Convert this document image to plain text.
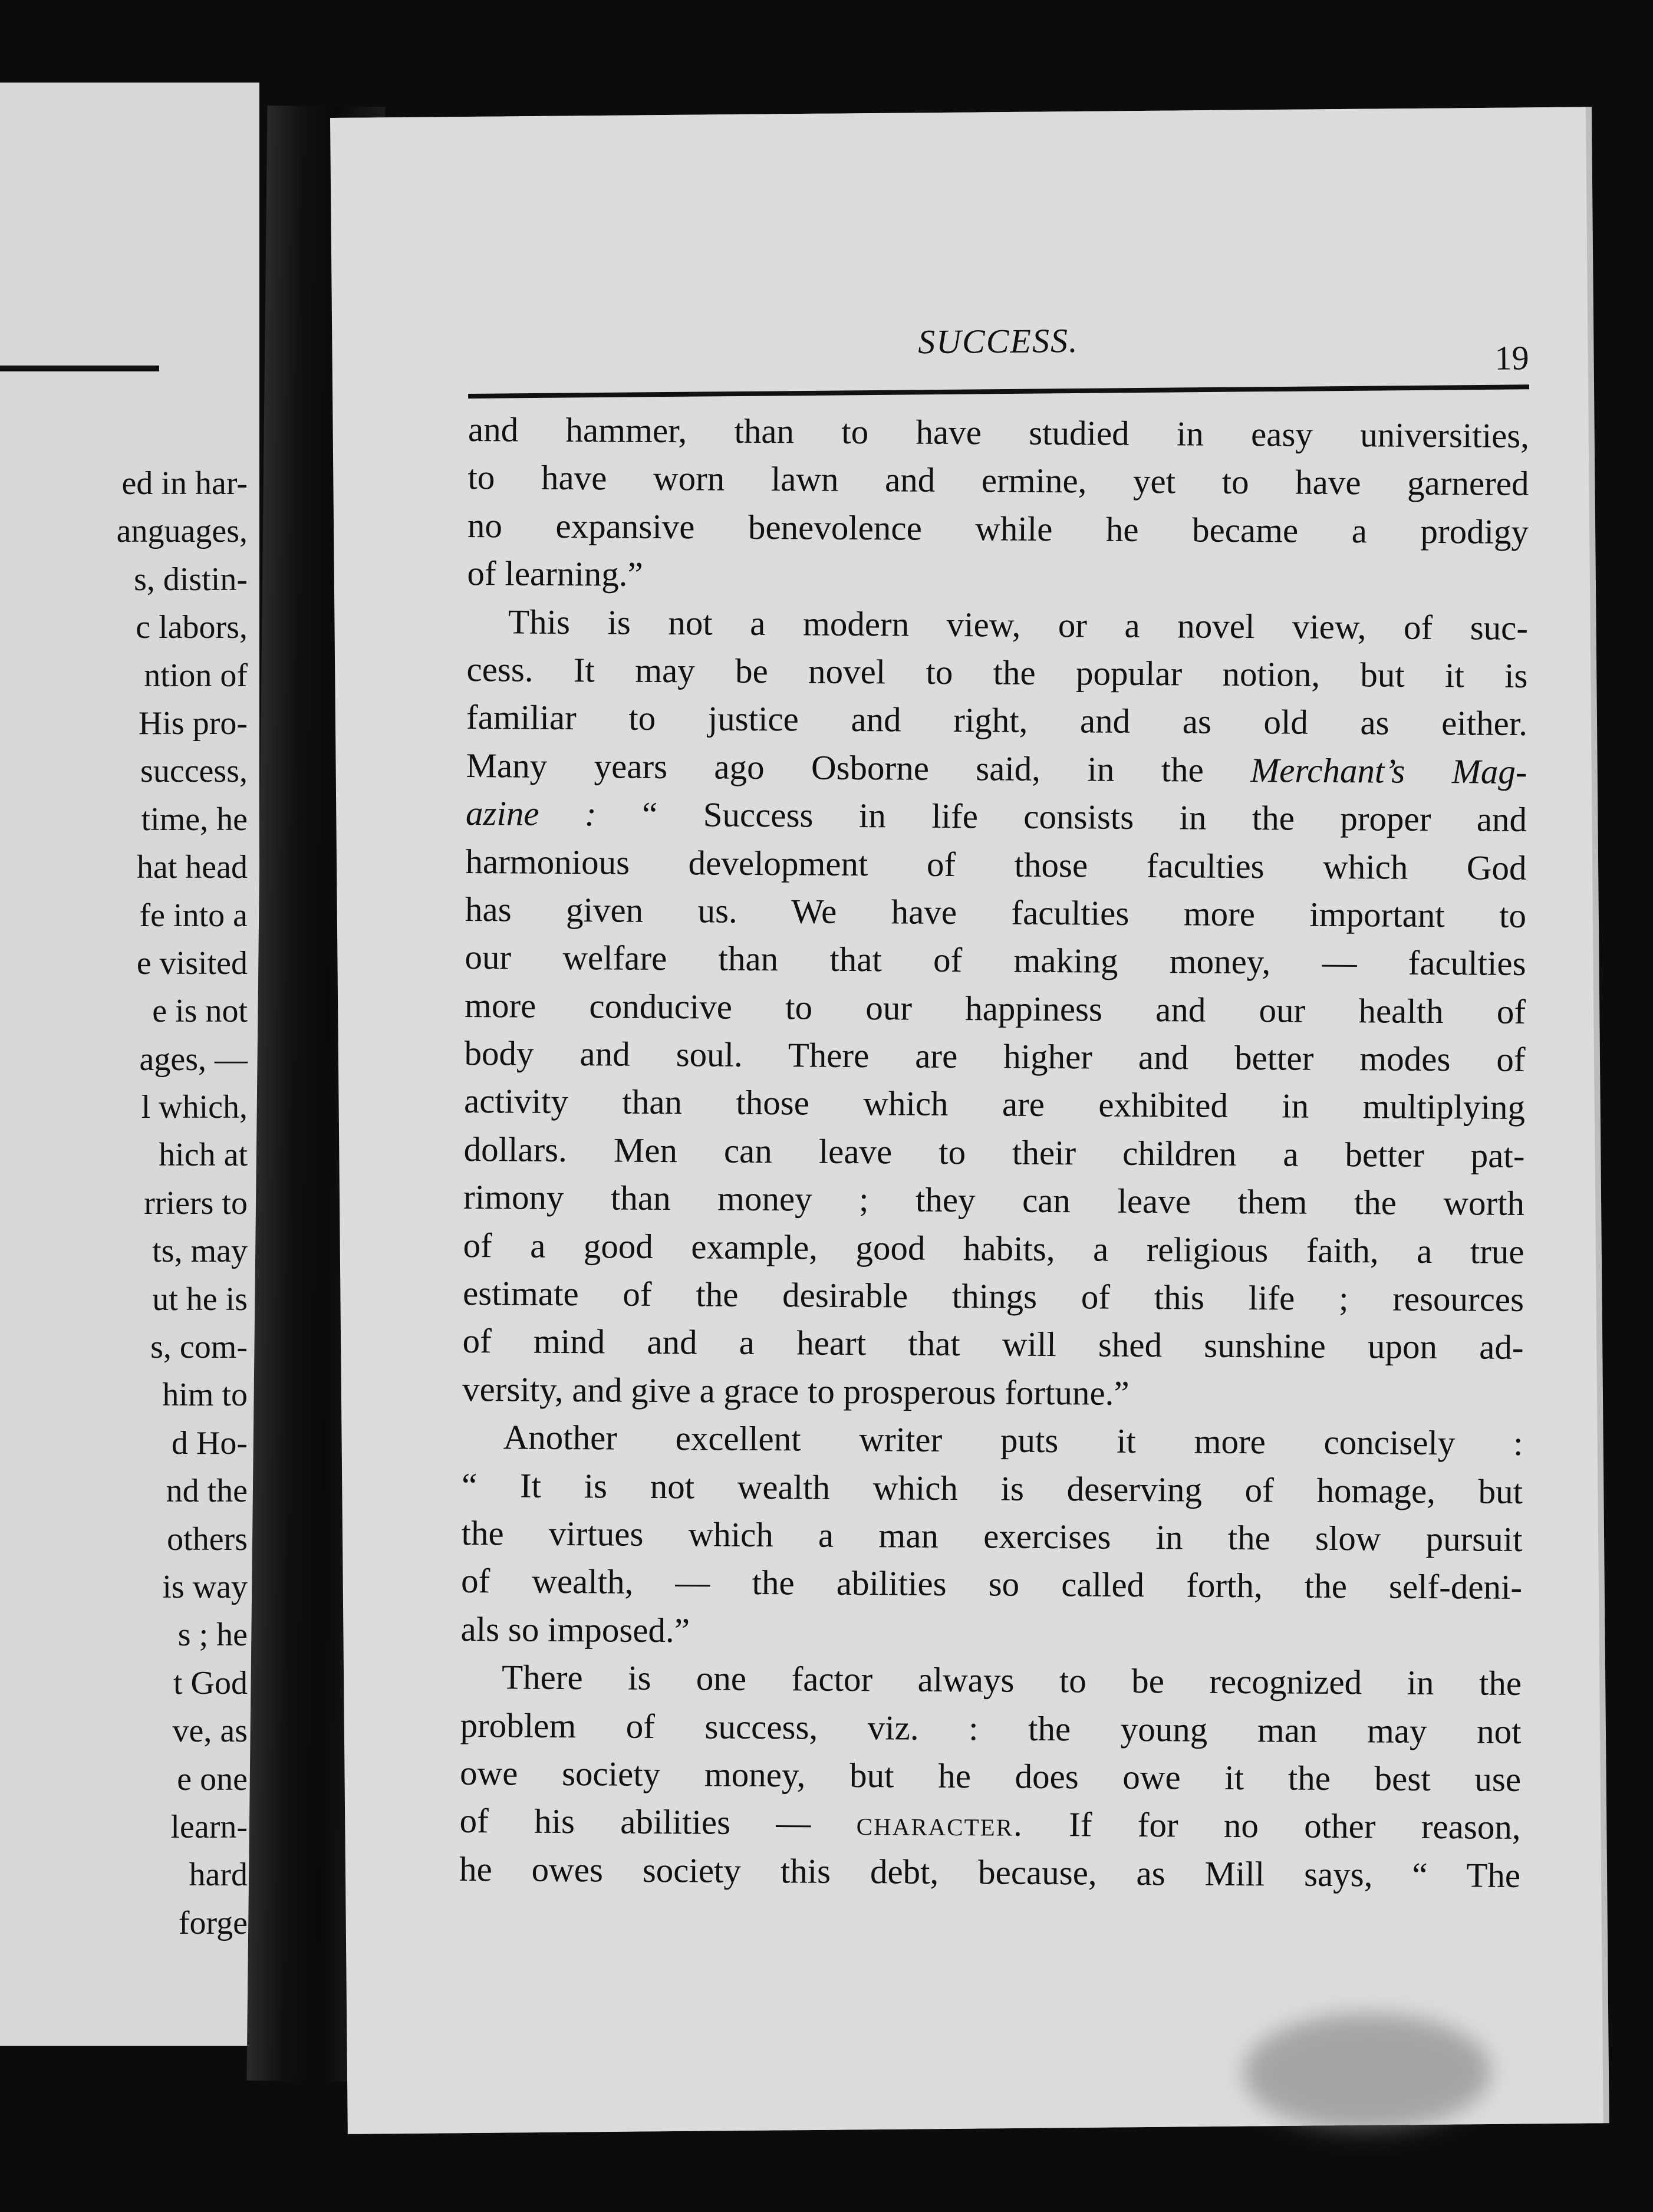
ed in har-
anguages,
s, distin-
c labors,
ntion of
His pro-
success,
time, he
hat head
fe into a
e visited
e is not
ages, —
l which,
hich at
rriers to
ts, may
ut he is
s, com-
him to
d Ho-
nd the
others
is way
s ; he
t God
ve, as
e one
learn-
hard
forge
SUCCESS.	19
and hammer, than to have studied in easy universities,
to have worn lawn and ermine, yet to have garnered
no expansive benevolence while he became a prodigy
of learning.”
This is not a modern view, or a novel view, of suc-
cess. It may be novel to the popular notion, but it is
familiar to justice and right, and as old as either.
Many years ago Osborne said, in the Merchant’s Mag-
azine : “ Success in life consists in the proper and
harmonious development of those faculties which God
has given us. We have faculties more important to
our welfare than that of making money, — faculties
more conducive to our happiness and our health of
body and soul. There are higher and better modes of
activity than those which are exhibited in multiplying
dollars. Men can leave to their children a better pat-
rimony than money ; they can leave them the worth
of a good example, good habits, a religious faith, a true
estimate of the desirable things of this life ; resources
of mind and a heart that will shed sunshine upon ad-
versity, and give a grace to prosperous fortune.”
Another excellent writer puts it more concisely :
“ It is not wealth which is deserving of homage, but
the virtues which a man exercises in the slow pursuit
of wealth, — the abilities so called forth, the self-deni-
als so imposed.”
There is one factor always to be recognized in the
problem of success, viz. : the young man may not
owe society money, but he does owe it the best use
of his abilities — character. If for no other reason,
he owes society this debt, because, as Mill says, “ The
